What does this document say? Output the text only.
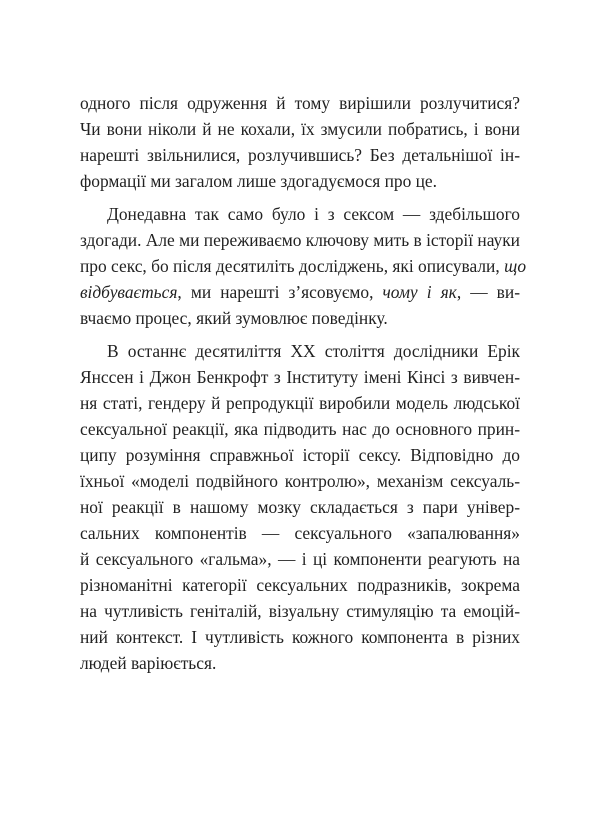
одного після одруження й тому вирішили розлучитися?
Чи вони ніколи й не кохали, їх змусили побратись, і вони
нарешті звільнилися, розлучившись? Без детальнішої ін-
формації ми загалом лише здогадуємося про це.
Донедавна так само було і з сексом — здебільшого
здогади. Але ми переживаємо ключову мить в історії науки
про секс, бо після десятиліть досліджень, які описували, що
відбувається, ми нарешті з’ясовуємо, чому і як, — ви-
вчаємо процес, який зумовлює поведінку.
В останнє десятиліття XX століття дослідники Ерік
Янссен і Джон Бенкрофт з Інституту імені Кінсі з вивчен-
ня статі, гендеру й репродукції виробили модель людської
сексуальної реакції, яка підводить нас до основного прин-
ципу розуміння справжньої історії сексу. Відповідно до
їхньої «моделі подвійного контролю», механізм сексуаль-
ної реакції в нашому мозку складається з пари універ-
сальних компонентів — сексуального «запалювання»
й сексуального «гальма», — і ці компоненти реагують на
різноманітні категорії сексуальних подразників, зокрема
на чутливість геніталій, візуальну стимуляцію та емоцій-
ний контекст. І чутливість кожного компонента в різних
людей варіюється.
